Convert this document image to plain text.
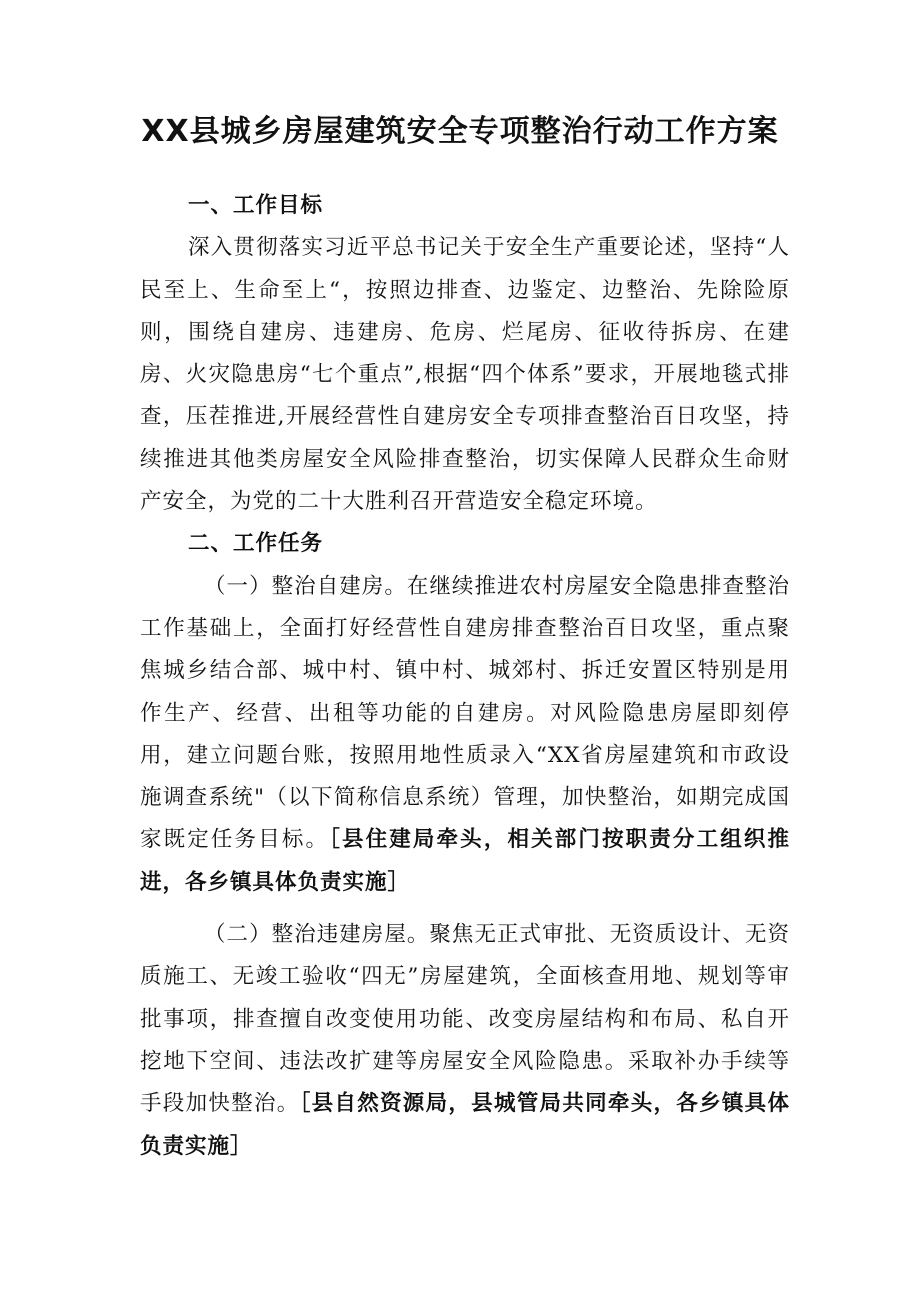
XX县城乡房屋建筑安全专项整治行动工作方案

一、工作目标

深入贯彻落实习近平总书记关于安全生产重要论述，坚持“人民至上、生命至上“，按照边排查、边鉴定、边整治、先除险原则，围绕自建房、违建房、危房、烂尾房、征收待拆房、在建房、火灾隐患房“七个重点”,根据“四个体系”要求，开展地毯式排查，压茬推进,开展经营性自建房安全专项排查整治百日攻坚，持续推进其他类房屋安全风险排查整治，切实保障人民群众生命财产安全，为党的二十大胜利召开营造安全稳定环境。

二、工作任务

（一）整治自建房。在继续推进农村房屋安全隐患排查整治工作基础上，全面打好经营性自建房排查整治百日攻坚，重点聚焦城乡结合部、城中村、镇中村、城郊村、拆迁安置区特别是用作生产、经营、出租等功能的自建房。对风险隐患房屋即刻停用，建立问题台账，按照用地性质录入“XX省房屋建筑和市政设施调查系统"（以下简称信息系统）管理，加快整治，如期完成国家既定任务目标。［县住建局牵头，相关部门按职责分工组织推进，各乡镇具体负责实施］

（二）整治违建房屋。聚焦无正式审批、无资质设计、无资质施工、无竣工验收“四无”房屋建筑，全面核查用地、规划等审批事项，排查擅自改变使用功能、改变房屋结构和布局、私自开挖地下空间、违法改扩建等房屋安全风险隐患。采取补办手续等手段加快整治。［县自然资源局，县城管局共同牵头，各乡镇具体负责实施］
